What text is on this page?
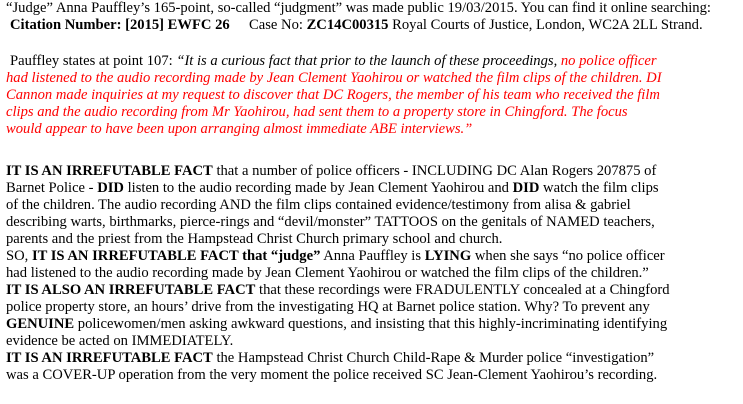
“Judge” Anna Pauffley’s 165-point, so-called “judgment” was made public 19/03/2015. You can find it online searching:
Citation Number: [2015] EWFC 26 Case No: ZC14C00315 Royal Courts of Justice, London, WC2A 2LL Strand.
Pauffley states at point 107: “It is a curious fact that prior to the launch of these proceedings, no police officer
had listened to the audio recording made by Jean Clement Yaohirou or watched the film clips of the children. DI
Cannon made inquiries at my request to discover that DC Rogers, the member of his team who received the film
clips and the audio recording from Mr Yaohirou, had sent them to a property store in Chingford. The focus
would appear to have been upon arranging almost immediate ABE interviews.”
IT IS AN IRREFUTABLE FACT that a number of police officers - INCLUDING DC Alan Rogers 207875 of
Barnet Police - DID listen to the audio recording made by Jean Clement Yaohirou and DID watch the film clips
of the children. The audio recording AND the film clips contained evidence/testimony from alisa & gabriel
describing warts, birthmarks, pierce-rings and “devil/monster” TATTOOS on the genitals of NAMED teachers,
parents and the priest from the Hampstead Christ Church primary school and church.
SO, IT IS AN IRREFUTABLE FACT that “judge” Anna Pauffley is LYING when she says “no police officer
had listened to the audio recording made by Jean Clement Yaohirou or watched the film clips of the children.”
IT IS ALSO AN IRREFUTABLE FACT that these recordings were FRADULENTLY concealed at a Chingford
police property store, an hours’ drive from the investigating HQ at Barnet police station. Why? To prevent any
GENUINE policewomen/men asking awkward questions, and insisting that this highly-incriminating identifying
evidence be acted on IMMEDIATELY.
IT IS AN IRREFUTABLE FACT the Hampstead Christ Church Child-Rape & Murder police “investigation”
was a COVER-UP operation from the very moment the police received SC Jean-Clement Yaohirou’s recording.
